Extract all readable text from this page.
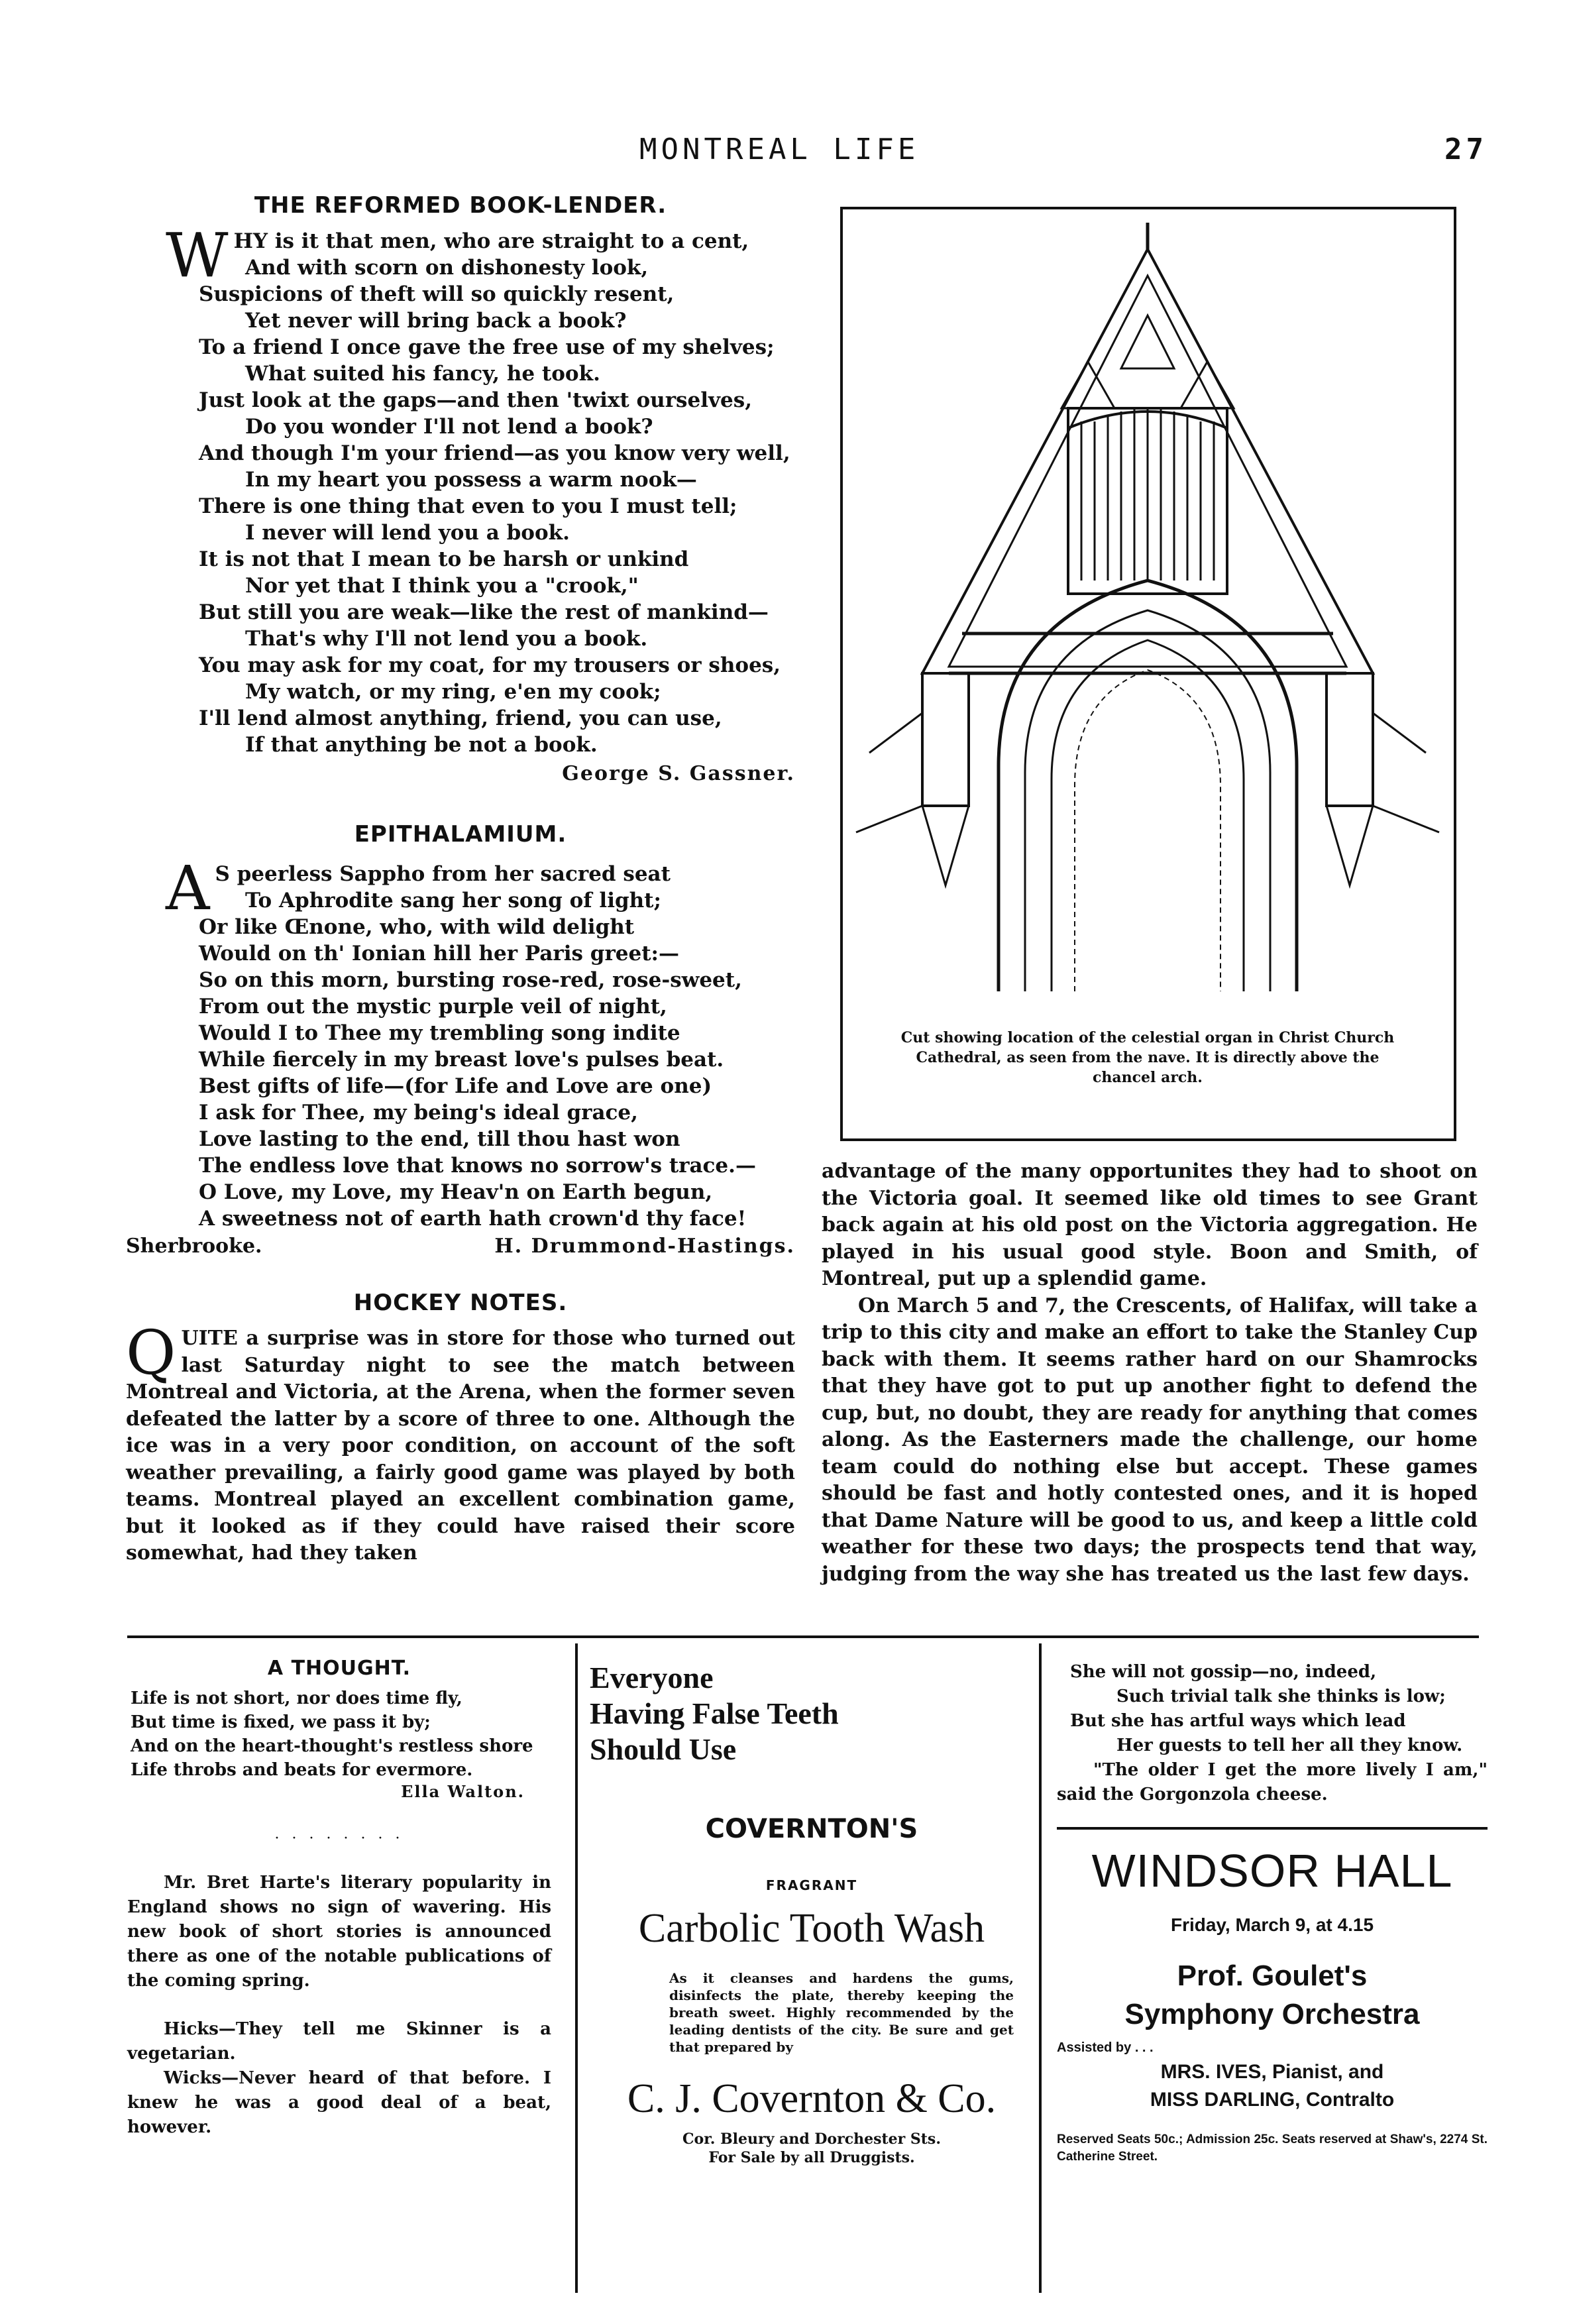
MONTREAL LIFE	27
THE REFORMED BOOK-LENDER.
W HY is it that men, who are straight to a cent,
And with scorn on dishonesty look,
Suspicions of theft will so quickly resent,
Yet never will bring back a book?
To a friend I once gave the free use of my shelves;
What suited his fancy, he took.
Just look at the gaps—and then 'twixt ourselves,
Do you wonder I'll not lend a book?
And though I'm your friend—as you know very well,
In my heart you possess a warm nook—
There is one thing that even to you I must tell;
I never will lend you a book.
It is not that I mean to be harsh or unkind
Nor yet that I think you a "crook,"
But still you are weak—like the rest of mankind—
That's why I'll not lend you a book.
You may ask for my coat, for my trousers or shoes,
My watch, or my ring, e'en my cook;
I'll lend almost anything, friend, you can use,
If that anything be not a book.
George S. Gassner.
EPITHALAMIUM.
A S peerless Sappho from her sacred seat
To Aphrodite sang her song of light;
Or like Œnone, who, with wild delight
Would on th' Ionian hill her Paris greet:—
So on this morn, bursting rose-red, rose-sweet,
From out the mystic purple veil of night,
Would I to Thee my trembling song indite
While fiercely in my breast love's pulses beat.
Best gifts of life—(for Life and Love are one)
I ask for Thee, my being's ideal grace,
Love lasting to the end, till thou hast won
The endless love that knows no sorrow's trace.—
O Love, my Love, my Heav'n on Earth begun,
A sweetness not of earth hath crown'd thy face!
Sherbrooke.	H. Drummond-Hastings.
HOCKEY NOTES.
QUITE a surprise was in store for those who turned out last Saturday night to see the match between Montreal and Victoria, at the Arena, when the former seven defeated the latter by a score of three to one. Although the ice was in a very poor condition, on account of the soft weather prevailing, a fairly good game was played by both teams. Montreal played an excellent combination game, but it looked as if they could have raised their score somewhat, had they taken
Cut showing location of the celestial organ in Christ Church Cathedral, as seen from the nave. It is directly above the chancel arch.

advantage of the many opportunites they had to shoot on the Victoria goal. It seemed like old times to see Grant back again at his old post on the Victoria aggregation. He played in his usual good style. Boon and Smith, of Montreal, put up a splendid game.

On March 5 and 7, the Crescents, of Halifax, will take a trip to this city and make an effort to take the Stanley Cup back with them. It seems rather hard on our Shamrocks that they have got to put up another fight to defend the cup, but, no doubt, they are ready for anything that comes along. As the Easterners made the challenge, our home team could do nothing else but accept. These games should be fast and hotly contested ones, and it is hoped that Dame Nature will be good to us, and keep a little cold weather for these two days; the prospects tend that way, judging from the way she has treated us the last few days.

A THOUGHT.
Life is not short, nor does time fly,
But time is fixed, we pass it by;
And on the heart-thought's restless shore
Life throbs and beats for evermore.
Ella Walton.
· · · · · · · ·

Mr. Bret Harte's literary popularity in England shows no sign of wavering. His new book of short stories is announced there as one of the notable publications of the coming spring.

Hicks—They tell me Skinner is a vegetarian.

Wicks—Never heard of that before. I knew he was a good deal of a beat, however.

Everyone
Having False Teeth
Should Use
COVERNTON'S
FRAGRANT
Carbolic Tooth Wash
As it cleanses and hardens the gums, disinfects the plate, thereby keeping the breath sweet. Highly recommended by the leading dentists of the city. Be sure and get that prepared by
C. J. Covernton & Co.
Cor. Bleury and Dorchester Sts.
For Sale by all Druggists.
She will not gossip—no, indeed,
Such trivial talk she thinks is low;
But she has artful ways which lead
Her guests to tell her all they know.

"The older I get the more lively I am," said the Gorgonzola cheese.

WINDSOR HALL
Friday, March 9, at 4.15
Prof. Goulet's Symphony Orchestra
Assisted by . . .
MRS. IVES, Pianist, and
MISS DARLING, Contralto
Reserved Seats 50c.; Admission 25c. Seats reserved at Shaw's, 2274 St. Catherine Street.
